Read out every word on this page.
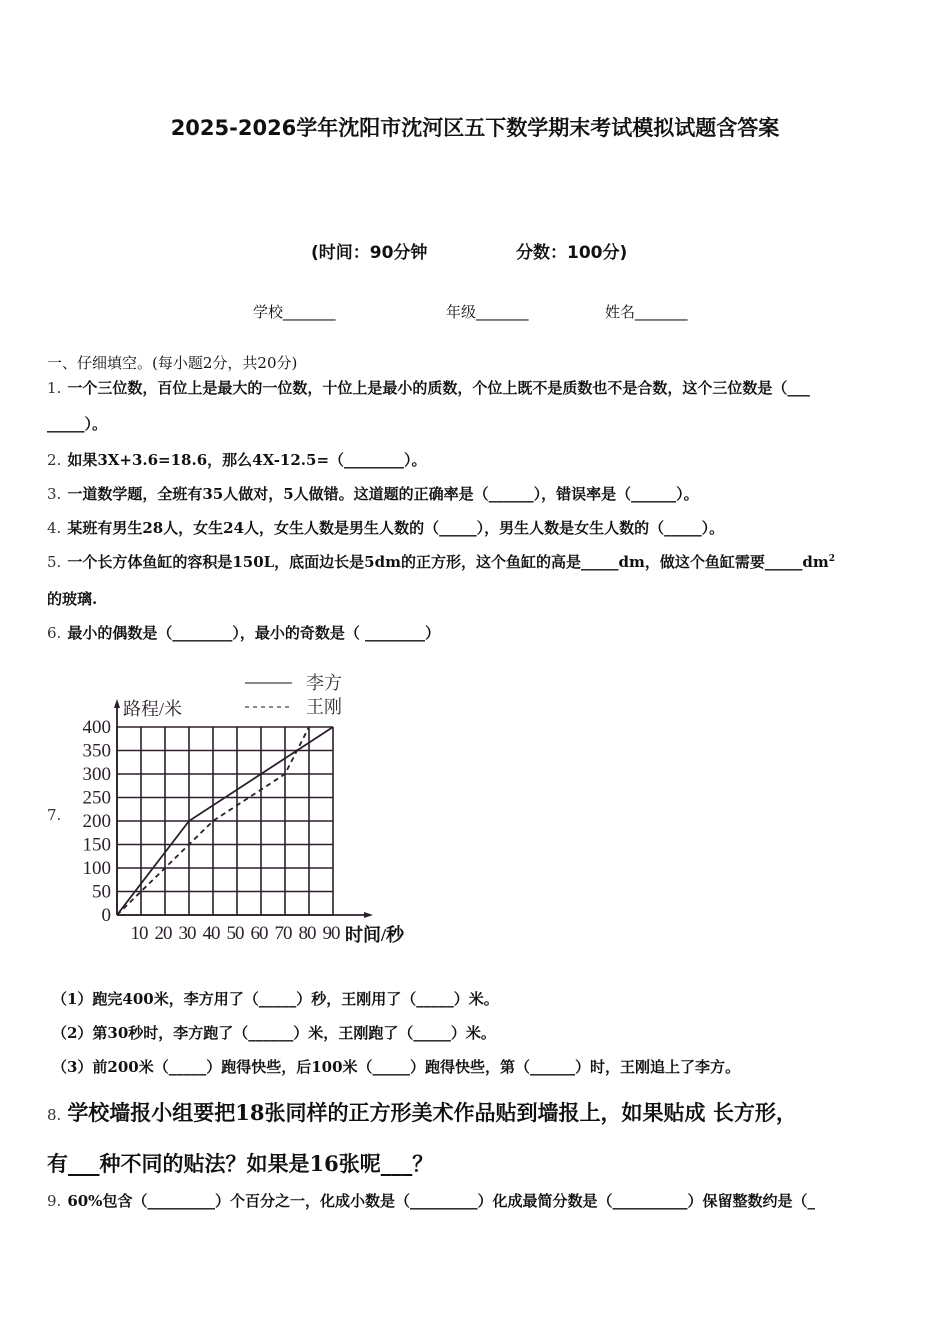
2025-2026学年沈阳市沈河区五下数学期末考试模拟试题含答案
(时间：90分钟	分数：100分)
学校_______	年级_______	姓名_______
一、仔细填空。(每小题2分，共20分)
1. 一个三位数，百位上是最大的一位数，十位上是最小的质数，个位上既不是质数也不是合数，这个三位数是（___
_____）。
2. 如果3X+3.6=18.6，那么4X-12.5=（________）。
3. 一道数学题，全班有35人做对，5人做错。这道题的正确率是（______），错误率是（______）。
4. 某班有男生28人，女生24人，女生人数是男生人数的（_____），男生人数是女生人数的（_____）。
5. 一个长方体鱼缸的容积是150L，底面边长是5dm的正方形，这个鱼缸的高是_____dm，做这个鱼缸需要$\_\_\_\_\_dm^2$
的玻璃.
6. 最小的偶数是（________），最小的奇数是（ ________）
7.
0
50
100
150
200
250
300
350
400
10 20 30 40 50 60 70 80 90
路程/米
时间/秒
李方
王刚
（1）跑完400米，李方用了（_____）秒，王刚用了（_____）米。
（2）第30秒时，李方跑了（______）米，王刚跑了（_____）米。
（3）前200米（_____）跑得快些，后100米（_____）跑得快些，第（______）时，王刚追上了李方。
8. 学校墙报小组要把18张同样的正方形美术作品贴到墙报上，如果贴成 长方形，
有___种不同的贴法？如果是16张呢___？
9. 60%包含（_________）个百分之一，化成小数是（_________）化成最简分数是（__________）保留整数约是（_
